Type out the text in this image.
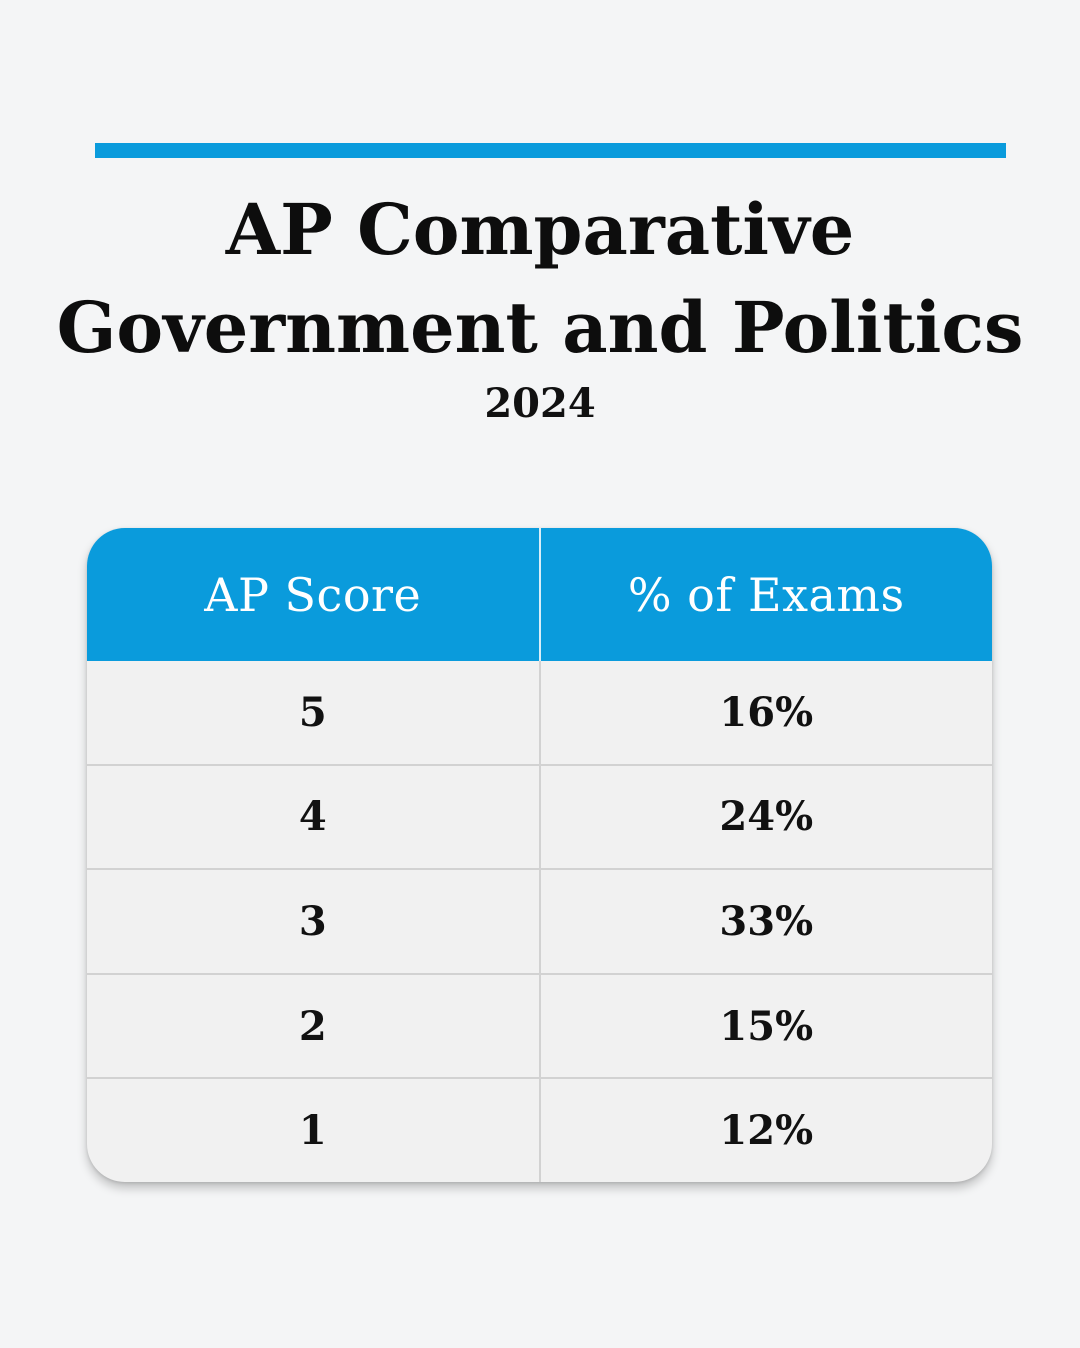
AP Comparative
Government and Politics
2024
AP Score	% of Exams
5	16%
4	24%
3	33%
2	15%
1	12%
